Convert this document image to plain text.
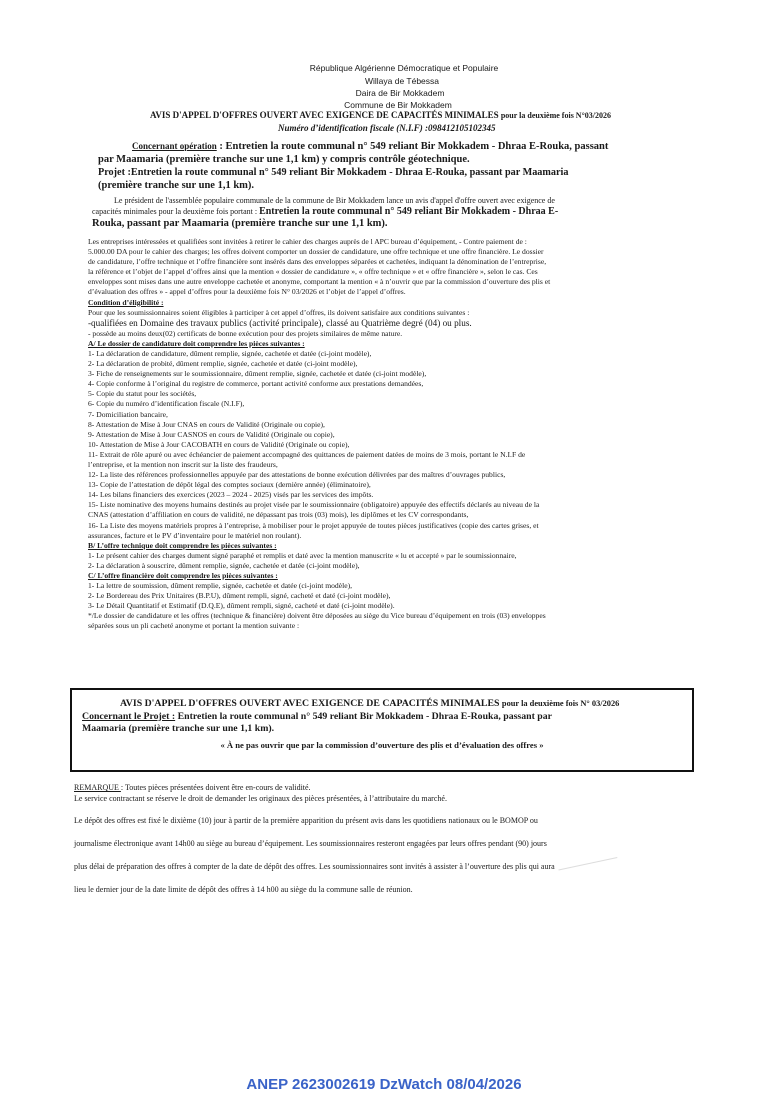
République Algérienne Démocratique et Populaire
Willaya de Tébessa
Daira de Bir Mokkadem
Commune de Bir Mokkadem
AVIS D'APPEL D'OFFRES OUVERT AVEC EXIGENCE DE CAPACITÉS MINIMALES pour la deuxième fois N°03/2026
Numéro d’identification fiscale (N.I.F) :098412105102345
Concernant opération : Entretien la route communal n° 549 reliant Bir Mokkadem - Dhraa E-Rouka, passant
par Maamaria (première tranche sur une 1,1 km) y compris contrôle géotechnique.
Projet :Entretien la route communal n° 549 reliant Bir Mokkadem - Dhraa E-Rouka, passant par Maamaria
(première tranche sur une 1,1 km).
Le président de l'assemblée populaire communale de la commune de Bir Mokkadem lance un avis d'appel d'offre ouvert avec exigence de
capacités minimales pour la deuxième fois portant : Entretien la route communal n° 549 reliant Bir Mokkadem - Dhraa E-
Rouka, passant par Maamaria (première tranche sur une 1,1 km).
Les entreprises intéressées et qualifiées sont invitées à retirer le cahier des charges auprès de l APC bureau d’équipement, - Contre paiement de :
5.000.00 DA pour le cahier des charges; les offres doivent comporter un dossier de candidature, une offre technique et une offre financière. Le dossier
de candidature, l’offre technique et l’offre financière sont insérés dans des enveloppes séparées et cachetées, indiquant la dénomination de l’entreprise,
la référence et l’objet de l’appel d’offres ainsi que la mention « dossier de candidature », « offre technique » et « offre financière », selon le cas. Ces
enveloppes sont mises dans une autre enveloppe cachetée et anonyme, comportant la mention « à n’ouvrir que par la commission d’ouverture des plis et
d’évaluation des offres » - appel d’offres pour la deuxième fois N° 03/2026 et l’objet de l’appel d’offres.
Condition d’éligibilité :
Pour que les soumissionnaires soient éligibles à participer à cet appel d’offres, ils doivent satisfaire aux conditions suivantes :
-qualifiées en Domaine des travaux publics (activité principale), classé au Quatrième degré (04) ou plus.
- possède au moins deux(02) certificats de bonne exécution pour des projets similaires de même nature.
A/ Le dossier de candidature doit comprendre les pièces suivantes :
1- La déclaration de candidature, dûment remplie, signée, cachetée et datée (ci-joint modèle),
2- La déclaration de probité, dûment remplie, signée, cachetée et datée (ci-joint modèle),
3- Fiche de renseignements sur le soumissionnaire, dûment remplie, signée, cachetée et datée (ci-joint modèle),
4- Copie conforme à l’original du registre de commerce, portant activité conforme aux prestations demandées,
5- Copie du statut pour les sociétés,
6- Copie du numéro d’identification fiscale (N.I.F),
7- Domiciliation bancaire,
8- Attestation de Mise à Jour CNAS en cours de Validité (Originale ou copie),
9- Attestation de Mise à Jour CASNOS en cours de Validité (Originale ou copie),
10- Attestation de Mise à Jour CACOBATH en cours de Validité (Originale ou copie),
11- Extrait de rôle apuré ou avec échéancier de paiement accompagné des quittances de paiement datées de moins de 3 mois, portant le N.I.F de
l’entreprise, et la mention non inscrit sur la liste des fraudeurs,
12- La liste des références professionnelles appuyée par des attestations de bonne exécution délivrées par des maîtres d’ouvrages publics,
13- Copie de l’attestation de dépôt légal des comptes sociaux (dernière année) (éliminatoire),
14- Les bilans financiers des exercices (2023 – 2024 - 2025) visés par les services des impôts.
15- Liste nominative des moyens humains destinés au projet visée par le soumissionnaire (obligatoire) appuyée des effectifs déclarés au niveau de la
CNAS (attestation d’affiliation en cours de validité, ne dépassant pas trois (03) mois), les diplômes et les CV correspondants,
16- La Liste des moyens matériels propres à l’entreprise, à mobiliser pour le projet appuyée de toutes pièces justificatives (copie des cartes grises, et
assurances, facture et le PV d’inventaire pour le matériel non roulant).
B/ L’offre technique doit comprendre les pièces suivantes :
1- Le présent cahier des charges dument signé paraphé et remplis et daté avec la mention manuscrite « lu et accepté » par le soumissionnaire,
2- La déclaration à souscrire, dûment remplie, signée, cachetée et datée (ci-joint modèle),
C/ L’offre financière doit comprendre les pièces suivantes :
1- La lettre de soumission, dûment remplie, signée, cachetée et datée (ci-joint modèle),
2- Le Bordereau des Prix Unitaires (B.P.U), dûment rempli, signé, cacheté et daté (ci-joint modèle),
3- Le Détail Quantitatif et Estimatif (D.Q.E), dûment rempli, signé, cacheté et daté (ci-joint modèle).
*/Le dossier de candidature et les offres (technique & financière) doivent être déposées au siège du Vice bureau d’équipement en trois (03) enveloppes
séparées sous un pli cacheté anonyme et portant la mention suivante :
AVIS D'APPEL D'OFFRES OUVERT AVEC EXIGENCE DE CAPACITÉS MINIMALES pour la deuxième fois N° 03/2026
Concernant le Projet : Entretien la route communal n° 549 reliant Bir Mokkadem - Dhraa E-Rouka, passant par
Maamaria (première tranche sur une 1,1 km).
« À ne pas ouvrir que par la commission d’ouverture des plis et d’évaluation des offres »

REMARQUE : Toutes pièces présentées doivent être en-cours de validité.
Le service contractant se réserve le droit de demander les originaux des pièces présentées, à l’attributaire du marché.

Le dépôt des offres est fixé le dixième (10) jour à partir de la première apparition du présent avis dans les quotidiens nationaux ou le BOMOP ou

journalisme électronique avant 14h00 au siège au bureau d’équipement. Les soumissionnaires resteront engagées par leurs offres pendant (90) jours

plus délai de préparation des offres à compter de la date de dépôt des offres. Les soumissionnaires sont invités à assister à l’ouverture des plis qui aura

lieu le dernier jour de la date limite de dépôt des offres à 14 h00 au siège du la commune salle de réunion.

ANEP 2623002619 DzWatch 08/04/2026
